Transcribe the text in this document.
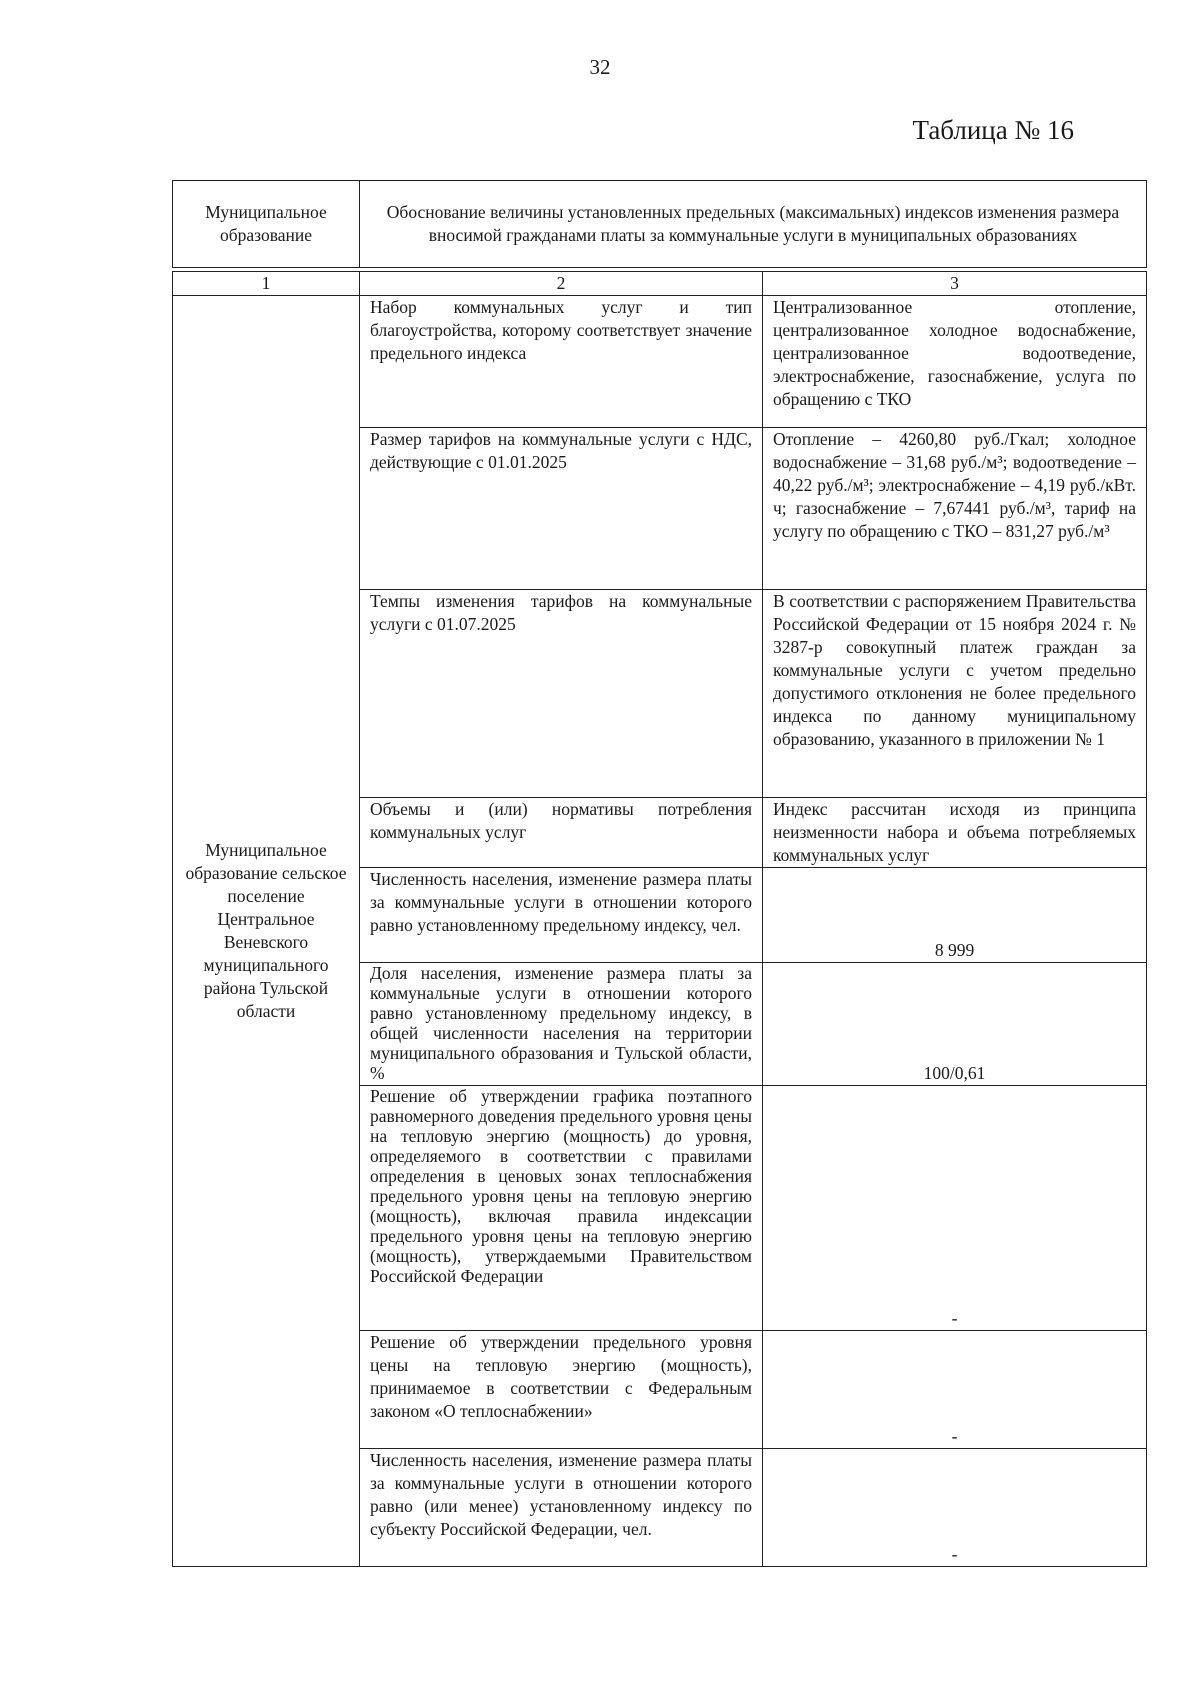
32
Таблица № 16
Муниципальное образование	Обоснование величины установленных предельных (максимальных) индексов изменения размера вносимой гражданами платы за коммунальные услуги в муниципальных образованиях
1	2	3
Муниципальное образование сельское поселение Центральное Веневского муниципального района Тульской области	Набор коммунальных услуг и тип благоустройства, которому соответствует значение предельного индекса	Централизованное отопление, централизованное холодное водоснабжение, централизованное водоотведение, электроснабжение, газоснабжение, услуга по обращению с ТКО
	Размер тарифов на коммунальные услуги с НДС, действующие с 01.01.2025	Отопление – 4260,80 руб./Гкал; холодное водоснабжение – 31,68 руб./м³; водоотведение – 40,22 руб./м³; электроснабжение – 4,19 руб./кВт. ч; газоснабжение – 7,67441 руб./м³, тариф на услугу по обращению с ТКО – 831,27 руб./м³
	Темпы изменения тарифов на коммунальные услуги с 01.07.2025	В соответствии с распоряжением Правительства Российской Федерации от 15 ноября 2024 г. № 3287-р совокупный платеж граждан за коммунальные услуги с учетом предельно допустимого отклонения не более предельного индекса по данному муниципальному образованию, указанного в приложении № 1
	Объемы и (или) нормативы потребления коммунальных услуг	Индекс рассчитан исходя из принципа неизменности набора и объема потребляемых коммунальных услуг
	Численность населения, изменение размера платы за коммунальные услуги в отношении которого равно установленному предельному индексу, чел.	8 999
	Доля населения, изменение размера платы за коммунальные услуги в отношении которого равно установленному предельному индексу, в общей численности населения на территории муниципального образования и Тульской области, %	100/0,61
	Решение об утверждении графика поэтапного равномерного доведения предельного уровня цены на тепловую энергию (мощность) до уровня, определяемого в соответствии с правилами определения в ценовых зонах теплоснабжения предельного уровня цены на тепловую энергию (мощность), включая правила индексации предельного уровня цены на тепловую энергию (мощность), утверждаемыми Правительством Российской Федерации	-
	Решение об утверждении предельного уровня цены на тепловую энергию (мощность), принимаемое в соответствии с Федеральным законом «О теплоснабжении»	-
	Численность населения, изменение размера платы за коммунальные услуги в отношении которого равно (или менее) установленному индексу по субъекту Российской Федерации, чел.	-
